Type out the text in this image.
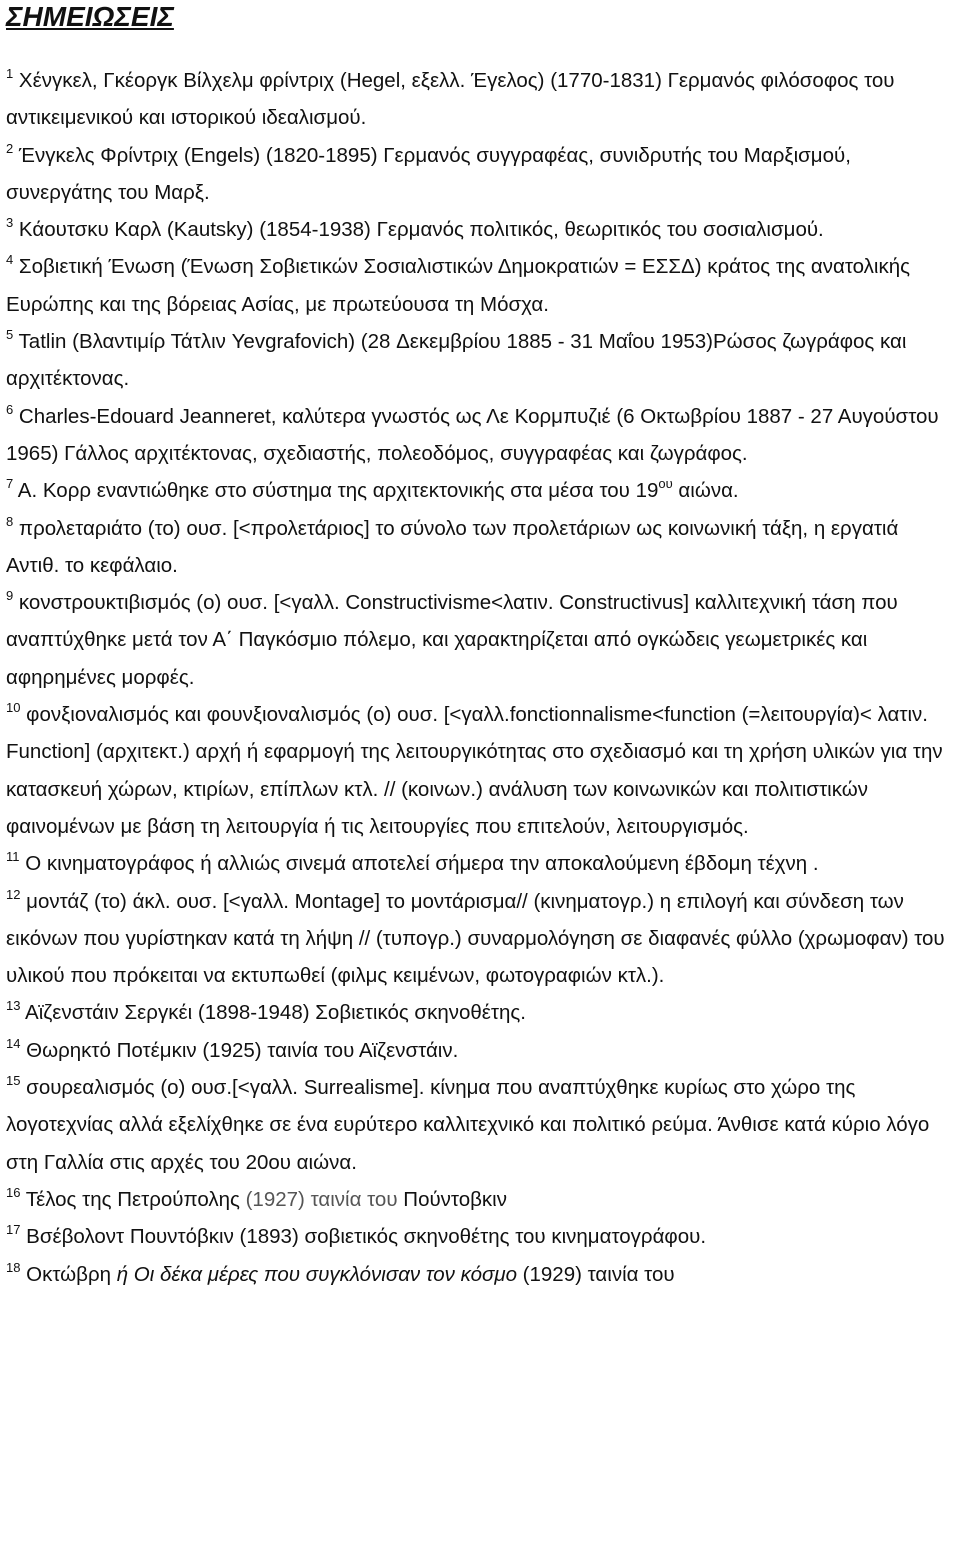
ΣΗΜΕΙΩΣΕΙΣ

$^1$ Χένγκελ, Γκέοργκ Βίλχελμ φρίντριχ (Hegel, εξελλ. Έγελος) (1770-1831) Γερμανός φιλόσοφος του αντικειμενικού και ιστορικού ιδεαλισμού.

$^2$ Ένγκελς Φρίντριχ (Engels) (1820-1895) Γερμανός συγγραφέας, συνιδρυτής του Μαρξισμού, συνεργάτης του Μαρξ.

$^3$ Κάουτσκυ Καρλ (Kautsky) (1854-1938) Γερμανός πολιτικός, θεωριτικός του σοσιαλισμού.

$^4$ Σοβιετική Ένωση (Ένωση Σοβιετικών Σοσιαλιστικών Δημοκρατιών = ΕΣΣΔ) κράτος της ανατολικής Ευρώπης και της βόρειας Ασίας, με πρωτεύουσα τη Μόσχα.

$^5$ Tatlin (Βλαντιμίρ Τάτλιν Yevgrafovich) (28 Δεκεμβρίου 1885 - 31 Μαΐου 1953)Ρώσος ζωγράφος και αρχιτέκτονας.

$^6$ Charles-Edouard Jeanneret, καλύτερα γνωστός ως Λε Κορμπυζιέ (6 Οκτωβρίου 1887 - 27 Αυγούστου 1965) Γάλλος αρχιτέκτονας, σχεδιαστής, πολεοδόμος, συγγραφέας και ζωγράφος.

$^7$ Α. Κορρ εναντιώθηκε στο σύστημα της αρχιτεκτονικής στα μέσα του $19^{o\upsilon}$ αιώνα.

$^8$ προλεταριάτο (το) ουσ. [<προλετάριος] το σύνολο των προλετάριων ως κοινωνική τάξη, η εργατιά Αντιθ. το κεφάλαιο.

$^9$ κονστρουκτιβισμός (ο) ουσ. [<γαλλ. Constructivisme<λατιν. Constructivus] καλλιτεχνική τάση που αναπτύχθηκε μετά τον Α΄ Παγκόσμιο πόλεμο, και χαρακτηρίζεται από ογκώδεις γεωμετρικές και αφηρημένες μορφές.

$^{10}$ φονξιοναλισμός και φουνξιοναλισμός (ο) ουσ. [<γαλλ.fonctionnalisme<function (=λειτουργία)< λατιν. Function] (αρχιτεκτ.) αρχή ή εφαρμογή της λειτουργικότητας στο σχεδιασμό και τη χρήση υλικών για την κατασκευή χώρων, κτιρίων, επίπλων κτλ. // (κοινων.) ανάλυση των κοινωνικών και πολιτιστικών φαινομένων με βάση τη λειτουργία ή τις λειτουργίες που επιτελούν, λειτουργισμός.

$^{11}$ Ο κινηματογράφος ή αλλιώς σινεμά αποτελεί σήμερα την αποκαλούμενη έβδομη τέχνη .

$^{12}$ μοντάζ (το) άκλ. ουσ. [<γαλλ. Montage] το μοντάρισμα// (κινηματογρ.) η επιλογή και σύνδεση των εικόνων που γυρίστηκαν κατά τη λήψη // (τυπογρ.) συναρμολόγηση σε διαφανές φύλλο (χρωμοφαν) του υλικού που πρόκειται να εκτυπωθεί (φιλμς κειμένων, φωτογραφιών κτλ.).

$^{13}$ Αϊζενστάιν Σεργκέι (1898-1948) Σοβιετικός σκηνοθέτης.

$^{14}$ Θωρηκτό Ποτέμκιν (1925) ταινία του Αϊζενστάιν.

$^{15}$ σουρεαλισμός (ο) ουσ.[<γαλλ. Surrealisme]. κίνημα που αναπτύχθηκε κυρίως στο χώρο της λογοτεχνίας αλλά εξελίχθηκε σε ένα ευρύτερο καλλιτεχνικό και πολιτικό ρεύμα. Άνθισε κατά κύριο λόγο στη Γαλλία στις αρχές του 20ου αιώνα.

$^{16}$ Τέλος της Πετρούπολης (1927) ταινία του Πούντοβκιν

$^{17}$ Βσέβολοντ Πουντόβκιν (1893) σοβιετικός σκηνοθέτης του κινηματογράφου.

$^{18}$ Οκτώβρη ή Οι δέκα μέρες που συγκλόνισαν τον κόσμο (1929) ταινία του
